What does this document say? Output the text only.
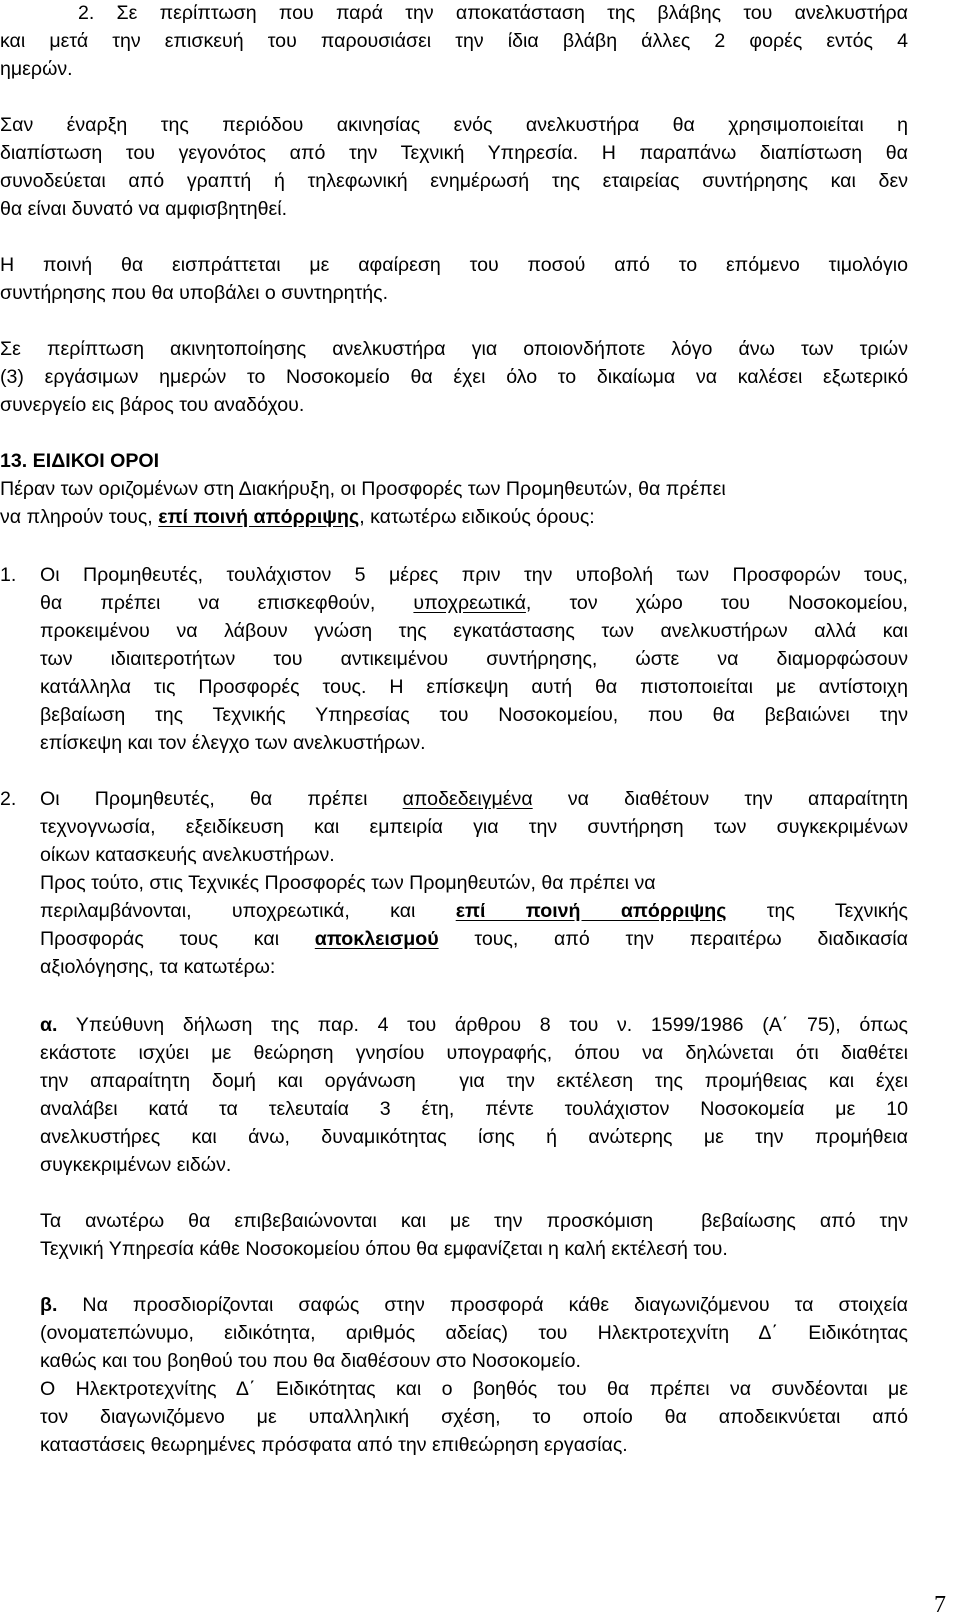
2. Σε περίπτωση που παρά την αποκατάσταση της βλάβης του ανελκυστήρα
και μετά την επισκευή του παρουσιάσει την ίδια βλάβη άλλες 2 φορές εντός 4
ημερών.
Σαν έναρξη της περιόδου ακινησίας ενός ανελκυστήρα θα χρησιμοποιείται η
διαπίστωση του γεγονότος από την Τεχνική Υπηρεσία. Η παραπάνω διαπίστωση θα
συνοδεύεται από γραπτή ή τηλεφωνική ενημέρωσή της εταιρείας συντήρησης και δεν
θα είναι δυνατό να αμφισβητηθεί.
Η ποινή θα εισπράττεται με αφαίρεση του ποσού από το επόμενο τιμολόγιο
συντήρησης που θα υποβάλει ο συντηρητής.
Σε περίπτωση ακινητοποίησης ανελκυστήρα για οποιονδήποτε λόγο άνω των τριών
(3) εργάσιμων ημερών το Νοσοκομείο θα έχει όλο το δικαίωμα να καλέσει εξωτερικό
συνεργείο εις βάρος του αναδόχου.
13. ΕΙΔΙΚΟΙ ΟΡΟΙ
Πέραν των οριζομένων στη Διακήρυξη, οι Προσφορές των Προμηθευτών, θα πρέπει
να πληρούν τους, επί ποινή απόρριψης, κατωτέρω ειδικούς όρους:
1.	Οι Προμηθευτές, τουλάχιστον 5 μέρες πριν την υποβολή των Προσφορών τους,
θα πρέπει να επισκεφθούν, υποχρεωτικά, τον χώρο του Νοσοκομείου,
προκειμένου να λάβουν γνώση της εγκατάστασης των ανελκυστήρων αλλά και
των ιδιαιτεροτήτων του αντικειμένου συντήρησης, ώστε να διαμορφώσουν
κατάλληλα τις Προσφορές τους. Η επίσκεψη αυτή θα πιστοποιείται με αντίστοιχη
βεβαίωση της Τεχνικής Υπηρεσίας του Νοσοκομείου, που θα βεβαιώνει την
επίσκεψη και τον έλεγχο των ανελκυστήρων.
2.	Οι Προμηθευτές, θα πρέπει αποδεδειγμένα να διαθέτουν την απαραίτητη
τεχνογνωσία, εξειδίκευση και εμπειρία για την συντήρηση των συγκεκριμένων
οίκων κατασκευής ανελκυστήρων.
Προς τούτο, στις Τεχνικές Προσφορές των Προμηθευτών, θα πρέπει να
περιλαμβάνονται, υποχρεωτικά, και επί ποινή απόρριψης της Τεχνικής
Προσφοράς τους και αποκλεισμού τους, από την περαιτέρω διαδικασία
αξιολόγησης, τα κατωτέρω:
α. Υπεύθυνη δήλωση της παρ. 4 του άρθρου 8 του ν. 1599/1986 (Α΄ 75), όπως
εκάστοτε ισχύει με θεώρηση γνησίου υπογραφής, όπου να δηλώνεται ότι διαθέτει
την απαραίτητη δομή και οργάνωση  για την εκτέλεση της προμήθειας και έχει
αναλάβει κατά τα τελευταία 3 έτη, πέντε τουλάχιστον Νοσοκομεία με 10
ανελκυστήρες και άνω, δυναμικότητας ίσης ή ανώτερης με την προμήθεια
συγκεκριμένων ειδών.
Τα ανωτέρω θα επιβεβαιώνονται και με την προσκόμιση  βεβαίωσης από την
Τεχνική Υπηρεσία κάθε Νοσοκομείου όπου θα εμφανίζεται η καλή εκτέλεσή του.
β. Να προσδιορίζονται σαφώς στην προσφορά κάθε διαγωνιζόμενου τα στοιχεία
(ονοματεπώνυμο, ειδικότητα, αριθμός αδείας) του Ηλεκτροτεχνίτη Δ΄ Ειδικότητας
καθώς και του βοηθού του που θα διαθέσουν στο Νοσοκομείο.
Ο Ηλεκτροτεχνίτης Δ΄ Ειδικότητας και ο βοηθός του θα πρέπει να συνδέονται με
τον διαγωνιζόμενο με υπαλληλική σχέση, το οποίο θα αποδεικνύεται από
καταστάσεις θεωρημένες πρόσφατα από την επιθεώρηση εργασίας.
7
